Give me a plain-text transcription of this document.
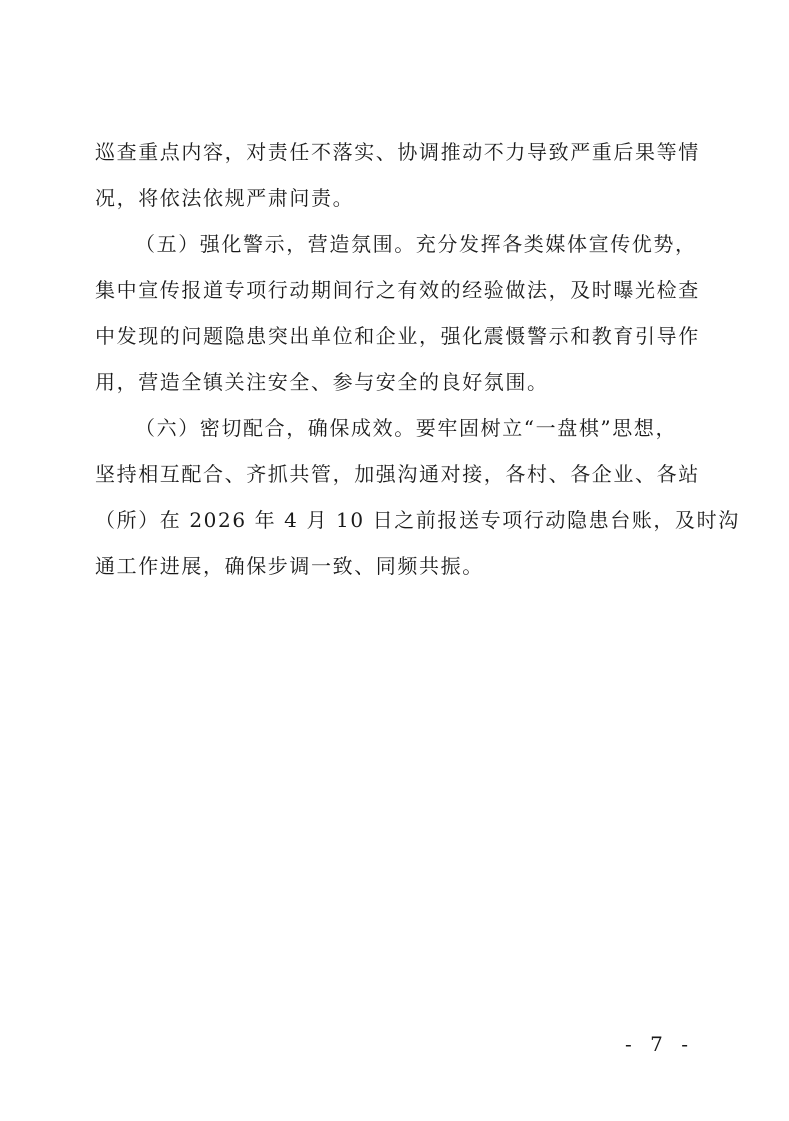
巡查重点内容，对责任不落实、协调推动不力导致严重后果等情
况，将依法依规严肃问责。
（五）强化警示，营造氛围。充分发挥各类媒体宣传优势，
集中宣传报道专项行动期间行之有效的经验做法，及时曝光检查
中发现的问题隐患突出单位和企业，强化震慑警示和教育引导作
用，营造全镇关注安全、参与安全的良好氛围。
（六）密切配合，确保成效。要牢固树立“一盘棋”思想，
坚持相互配合、齐抓共管，加强沟通对接，各村、各企业、各站
（所）在 2026 年 4 月 10 日之前报送专项行动隐患台账，及时沟
通工作进展，确保步调一致、同频共振。
- 7 -
